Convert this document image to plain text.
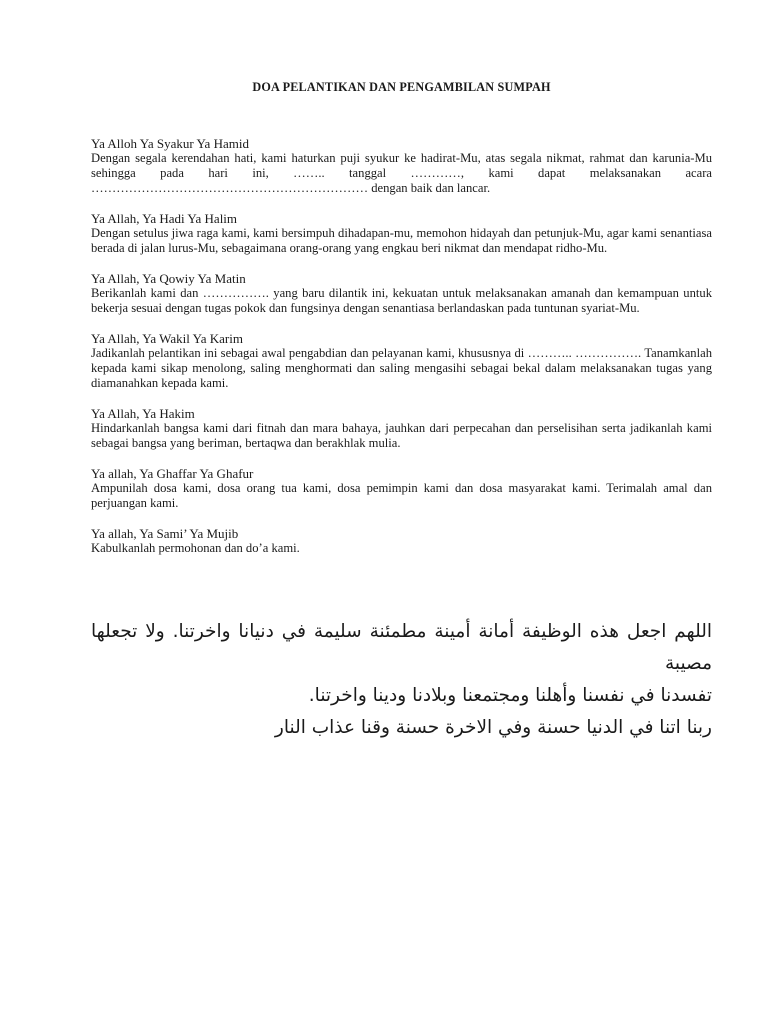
DOA PELANTIKAN DAN PENGAMBILAN SUMPAH
Ya Alloh Ya Syakur Ya Hamid
Dengan segala kerendahan hati, kami haturkan puji syukur ke hadirat-Mu, atas segala nikmat, rahmat dan karunia-Mu sehingga pada hari ini, …….. tanggal …………, kami dapat melaksanakan acara ………………………………………………………… dengan baik dan lancar.
Ya Allah, Ya Hadi Ya Halim
Dengan setulus jiwa raga kami, kami bersimpuh dihadapan-mu, memohon hidayah dan petunjuk-Mu, agar kami senantiasa berada di jalan lurus-Mu, sebagaimana orang-orang yang engkau beri nikmat dan mendapat ridho-Mu.
Ya Allah, Ya Qowiy Ya Matin
Berikanlah kami dan ……………. yang baru dilantik ini, kekuatan untuk melaksanakan amanah dan kemampuan untuk bekerja sesuai dengan tugas pokok dan fungsinya dengan senantiasa berlandaskan pada tuntunan syariat-Mu.
Ya Allah, Ya Wakil Ya Karim
Jadikanlah pelantikan ini sebagai awal pengabdian dan pelayanan kami, khususnya di ……….. ……………. Tanamkanlah kepada kami sikap menolong, saling menghormati dan saling mengasihi sebagai bekal dalam melaksanakan tugas yang diamanahkan kepada kami.
Ya Allah, Ya Hakim
Hindarkanlah bangsa kami dari fitnah dan mara bahaya, jauhkan dari perpecahan dan perselisihan serta jadikanlah kami sebagai bangsa yang beriman, bertaqwa dan berakhlak mulia.
Ya allah, Ya Ghaffar Ya Ghafur
Ampunilah dosa kami, dosa orang tua kami, dosa pemimpin kami dan dosa masyarakat kami. Terimalah amal dan perjuangan kami.
Ya allah, Ya Sami’ Ya Mujib
Kabulkanlah permohonan dan do’a kami.
اللهم اجعل هذه الوظيفة أمانة أمينة مطمئنة سليمة في دنيانا واخرتنا. ولا تجعلها مصيبة
تفسدنا في نفسنا وأهلنا ومجتمعنا وبلادنا ودينا واخرتنا.
ربنا اتنا في الدنيا حسنة وفي الاخرة حسنة وقنا عذاب النار
